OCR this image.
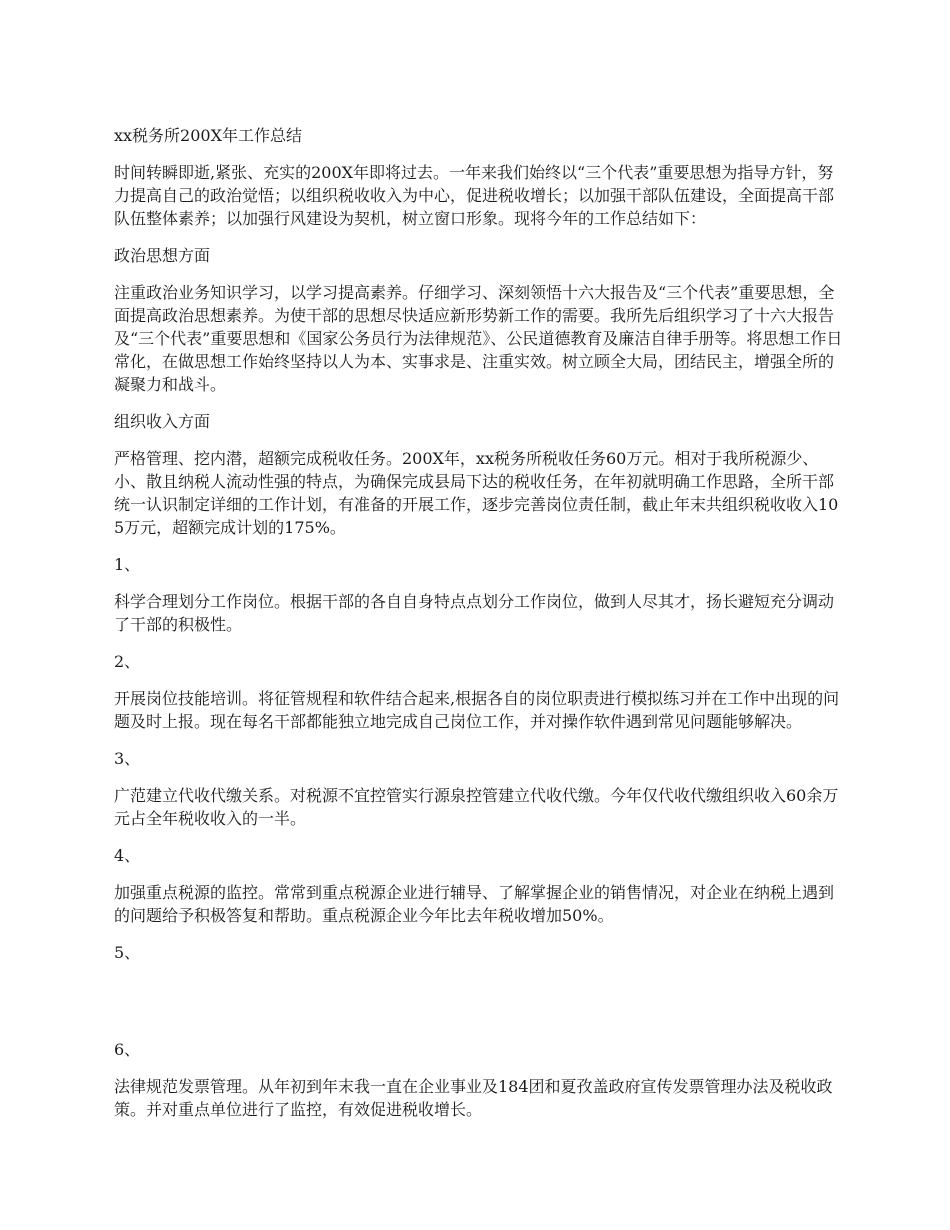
xx税务所200X年工作总结

时间转瞬即逝,紧张、充实的200X年即将过去。一年来我们始终以“三个代表”重要思想为指导方针，努力提高自己的政治觉悟；以组织税收收入为中心，促进税收增长；以加强干部队伍建设，全面提高干部队伍整体素养；以加强行风建设为契机，树立窗口形象。现将今年的工作总结如下：

政治思想方面

注重政治业务知识学习，以学习提高素养。仔细学习、深刻领悟十六大报告及“三个代表”重要思想，全面提高政治思想素养。为使干部的思想尽快适应新形势新工作的需要。我所先后组织学习了十六大报告及“三个代表”重要思想和《国家公务员行为法律规范》、公民道德教育及廉洁自律手册等。将思想工作日常化，在做思想工作始终坚持以人为本、实事求是、注重实效。树立顾全大局，团结民主，增强全所的凝聚力和战斗。

组织收入方面

严格管理、挖内潜，超额完成税收任务。200X年，xx税务所税收任务60万元。相对于我所税源少、小、散且纳税人流动性强的特点，为确保完成县局下达的税收任务，在年初就明确工作思路，全所干部统一认识制定详细的工作计划，有准备的开展工作，逐步完善岗位责任制，截止年末共组织税收收入105万元，超额完成计划的175%。

1、

科学合理划分工作岗位。根据干部的各自自身特点点划分工作岗位，做到人尽其才，扬长避短充分调动了干部的积极性。

2、

开展岗位技能培训。将征管规程和软件结合起来,根据各自的岗位职责进行模拟练习并在工作中出现的问题及时上报。现在每名干部都能独立地完成自己岗位工作，并对操作软件遇到常见问题能够解决。

3、

广范建立代收代缴关系。对税源不宜控管实行源泉控管建立代收代缴。今年仅代收代缴组织收入60余万元占全年税收收入的一半。

4、

加强重点税源的监控。常常到重点税源企业进行辅导、了解掌握企业的销售情况，对企业在纳税上遇到的问题给予积极答复和帮助。重点税源企业今年比去年税收增加50%。

5、

6、

法律规范发票管理。从年初到年末我一直在企业事业及184团和夏孜盖政府宣传发票管理办法及税收政策。并对重点单位进行了监控，有效促进税收增长。
